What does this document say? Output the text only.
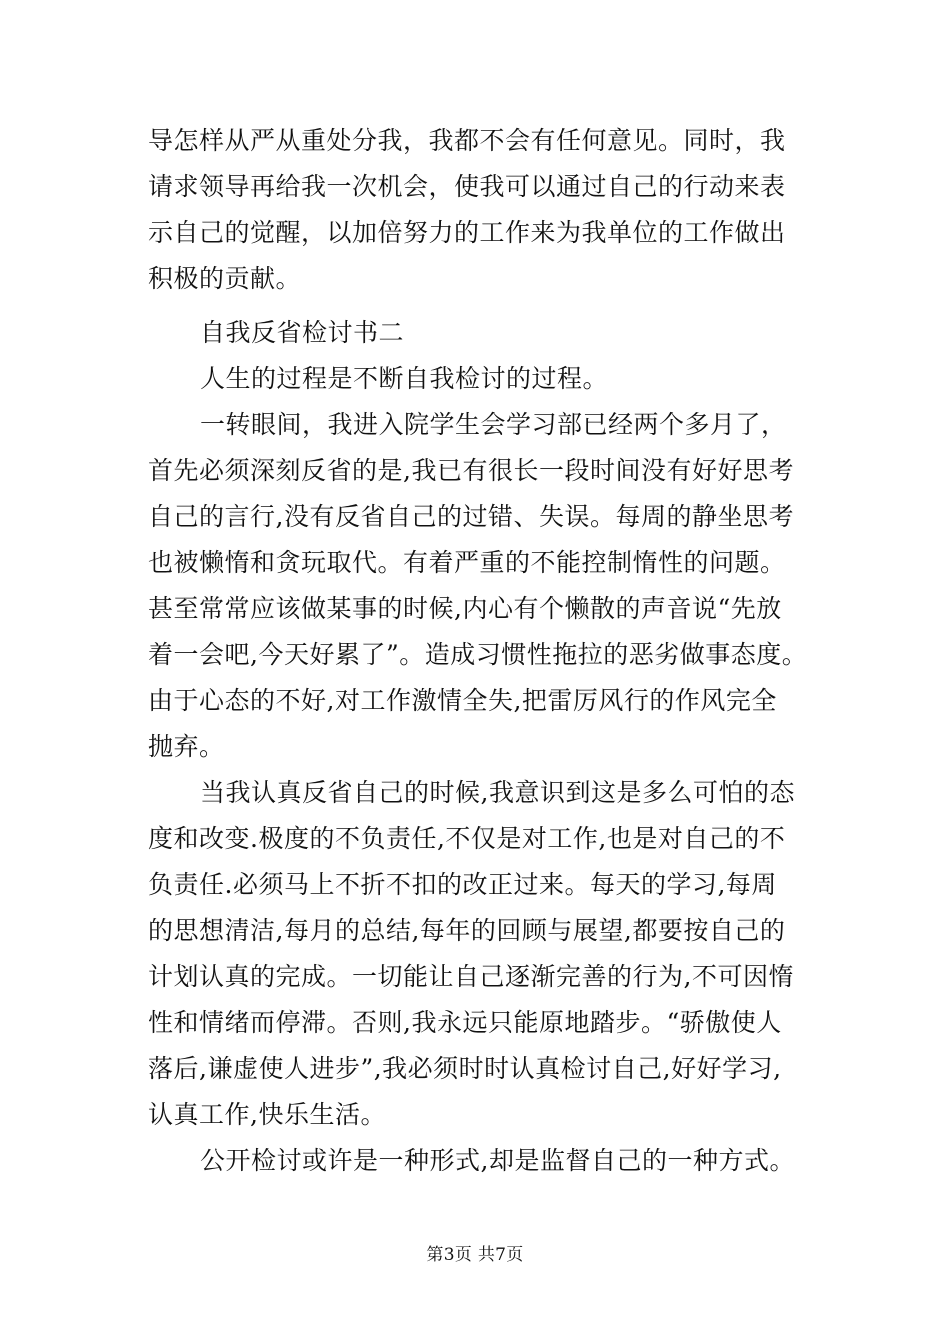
导怎样从严从重处分我，我都不会有任何意见。同时，我
请求领导再给我一次机会，使我可以通过自己的行动来表
示自己的觉醒，以加倍努力的工作来为我单位的工作做出
积极的贡献。
自我反省检讨书二
人生的过程是不断自我检讨的过程。
一转眼间，我进入院学生会学习部已经两个多月了，
首先必须深刻反省的是,我已有很长一段时间没有好好思考
自己的言行,没有反省自己的过错、失误。每周的静坐思考
也被懒惰和贪玩取代。有着严重的不能控制惰性的问题。
甚至常常应该做某事的时候,内心有个懒散的声音说“先放
着一会吧,今天好累了”。造成习惯性拖拉的恶劣做事态度。
由于心态的不好,对工作激情全失,把雷厉风行的作风完全
抛弃。
当我认真反省自己的时候,我意识到这是多么可怕的态
度和改变.极度的不负责任,不仅是对工作,也是对自己的不
负责任.必须马上不折不扣的改正过来。每天的学习,每周
的思想清洁,每月的总结,每年的回顾与展望,都要按自己的
计划认真的完成。一切能让自己逐渐完善的行为,不可因惰
性和情绪而停滞。否则,我永远只能原地踏步。“骄傲使人
落后,谦虚使人进步”,我必须时时认真检讨自己,好好学习,
认真工作,快乐生活。
公开检讨或许是一种形式,却是监督自己的一种方式。
第3页 共7页
